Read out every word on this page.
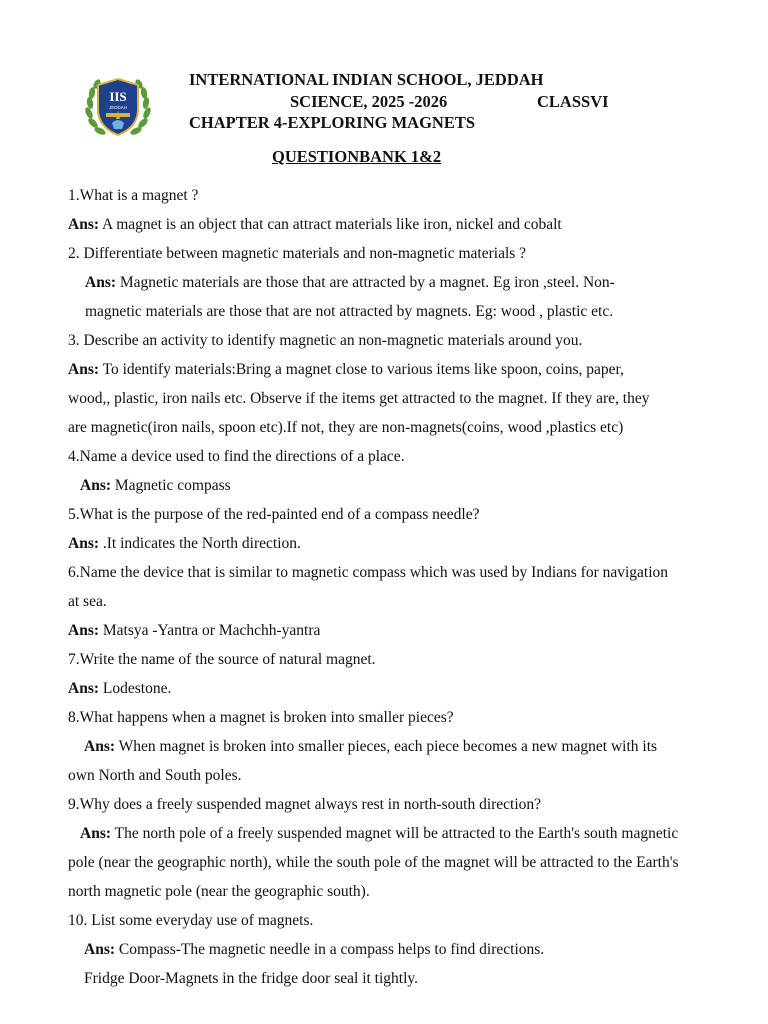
IIS
JEDDAH
INTERNATIONAL INDIAN SCHOOL, JEDDAH
SCIENCE, 2025 -2026	CLASSVI
CHAPTER 4-EXPLORING MAGNETS
QUESTIONBANK 1&2
1.What is a magnet ?
Ans: A magnet is an object that can attract materials like iron, nickel and cobalt
2. Differentiate between magnetic materials and non-magnetic materials ?
Ans: Magnetic materials are those that are attracted by a magnet. Eg iron ,steel. Non-
magnetic materials are those that are not attracted by magnets. Eg: wood , plastic etc.
3. Describe an activity to identify magnetic an non-magnetic materials around you.
Ans: To identify materials:Bring a magnet close to various items like spoon, coins, paper,
wood,, plastic, iron nails etc. Observe if the items get attracted to the magnet. If they are, they
are magnetic(iron nails, spoon etc).If not, they are non-magnets(coins, wood ,plastics etc)
4.Name a device used to find the directions of a place.
Ans: Magnetic compass
5.What is the purpose of the red-painted end of a compass needle?
Ans: .It indicates the North direction.
6.Name the device that is similar to magnetic compass which was used by Indians for navigation
at sea.
Ans: Matsya -Yantra or Machchh-yantra
7.Write the name of the source of natural magnet.
Ans: Lodestone.
8.What happens when a magnet is broken into smaller pieces?
Ans: When magnet is broken into smaller pieces, each piece becomes a new magnet with its
own North and South poles.
9.Why does a freely suspended magnet always rest in north-south direction?
Ans: The north pole of a freely suspended magnet will be attracted to the Earth's south magnetic
pole (near the geographic north), while the south pole of the magnet will be attracted to the Earth's
north magnetic pole (near the geographic south).
10. List some everyday use of magnets.
Ans: Compass-The magnetic needle in a compass helps to find directions.
Fridge Door-Magnets in the fridge door seal it tightly.
